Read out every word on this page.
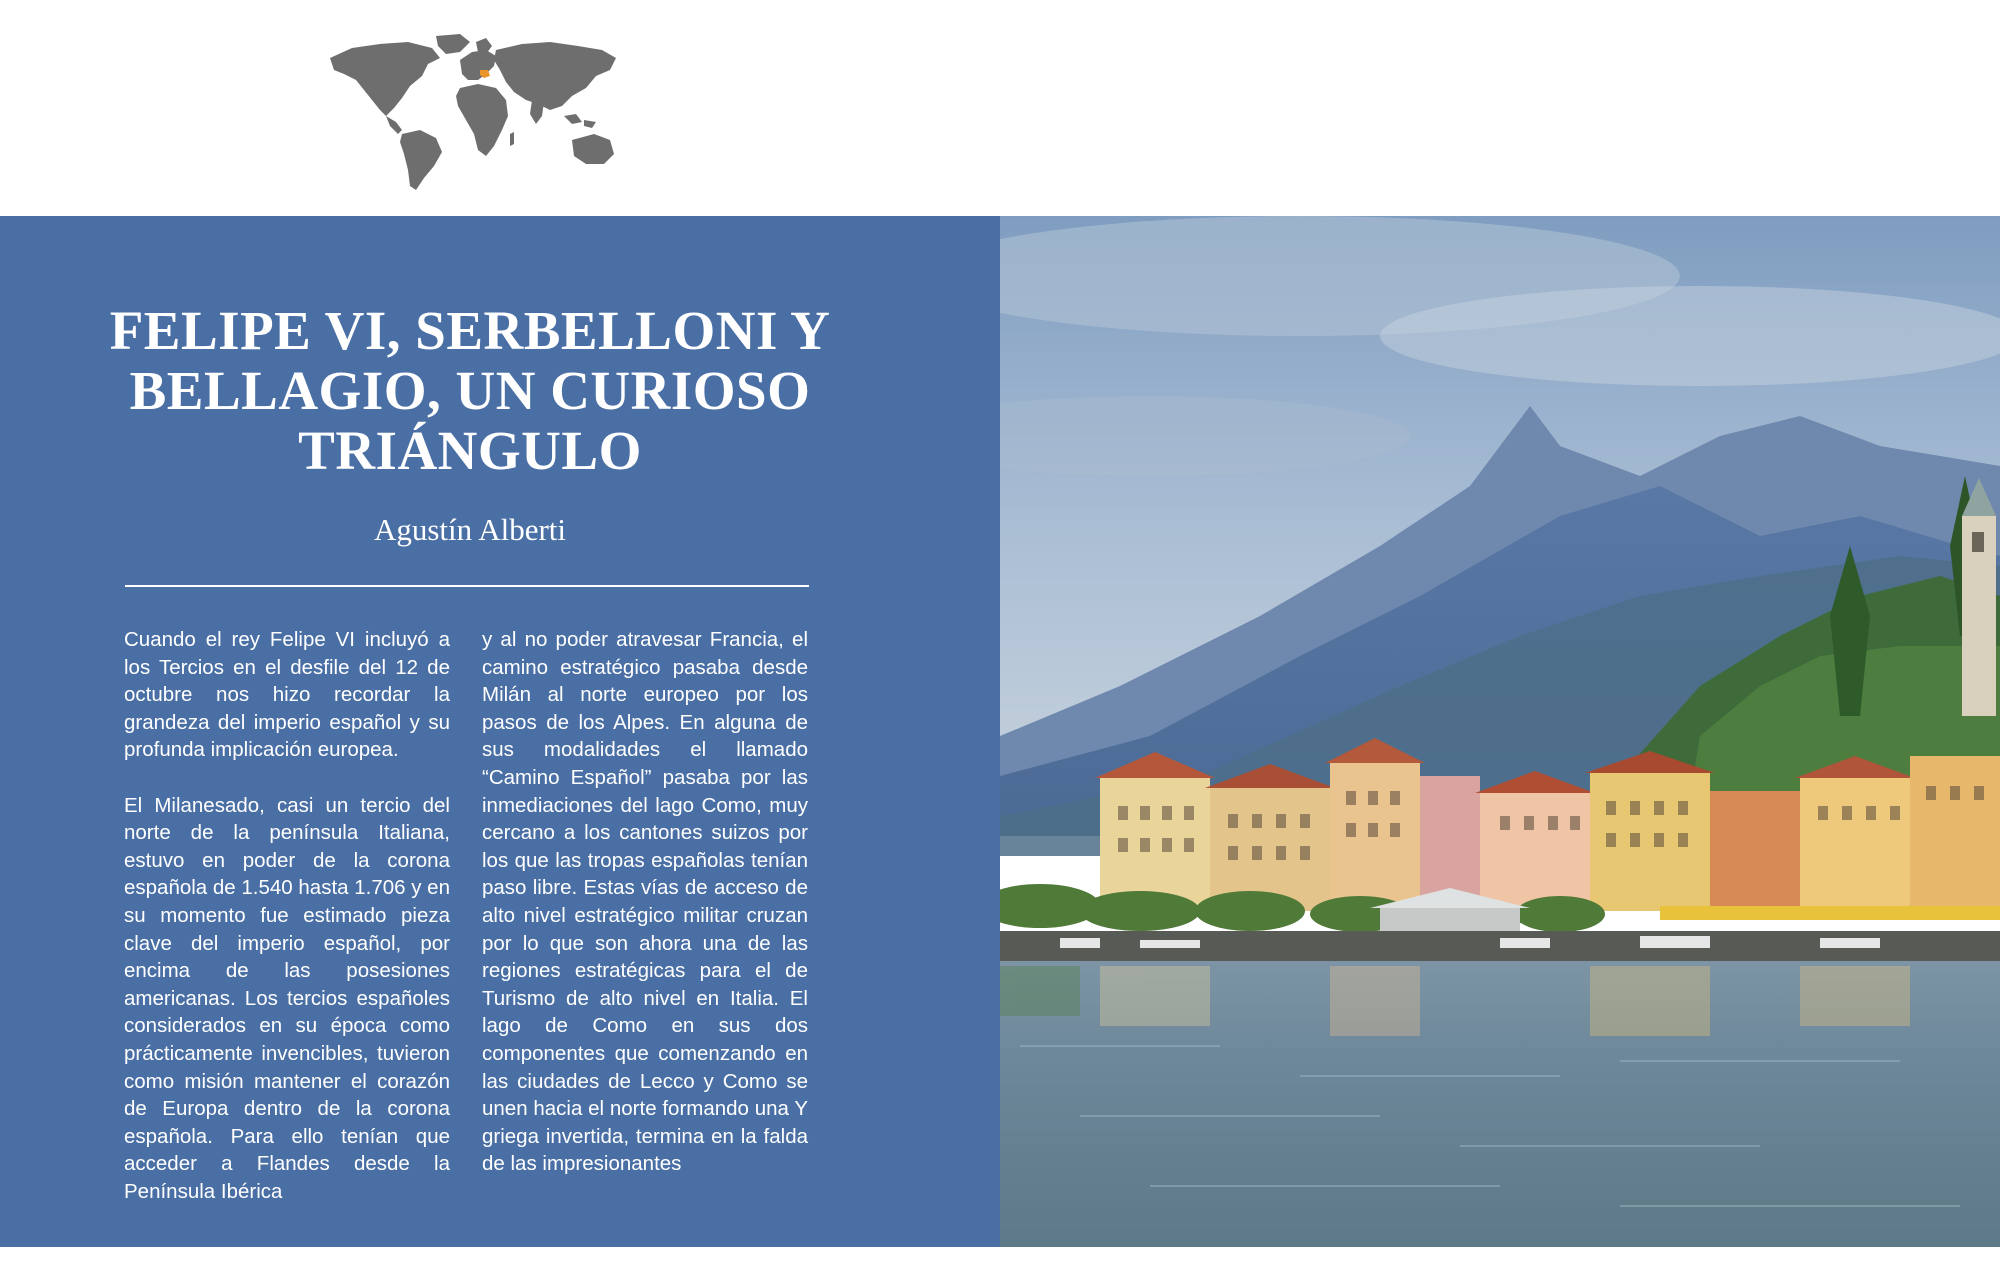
FELIPE VI, SERBELLONI Y
BELLAGIO, UN CURIOSO
TRIÁNGULO
Agustín Alberti

Cuando el rey Felipe VI incluyó a los Tercios en el desfile del 12 de octubre nos hizo recordar la grandeza del imperio español y su profunda implicación europea.

El Milanesado, casi un tercio del norte de la península Italiana, estuvo en poder de la corona española de 1.540 hasta 1.706 y en su momento fue estimado pieza clave del imperio español, por encima de las posesiones americanas. Los tercios españoles considerados en su época como prácticamente invencibles, tuvieron como misión mantener el corazón de Europa dentro de la corona española. Para ello tenían que acceder a Flandes desde la Península Ibérica

y al no poder atravesar Francia, el camino estratégico pasaba desde Milán al norte europeo por los pasos de los Alpes. En alguna de sus modalidades el llamado “Camino Español” pasaba por las inmediaciones del lago Como, muy cercano a los cantones suizos por los que las tropas españolas tenían paso libre. Estas vías de acceso de alto nivel estratégico militar cruzan por lo que son ahora una de las regiones estratégicas para el de Turismo de alto nivel en Italia. El lago de Como en sus dos componentes que comenzando en las ciudades de Lecco y Como se unen hacia el norte formando una Y griega invertida, termina en la falda de las impresionantes
